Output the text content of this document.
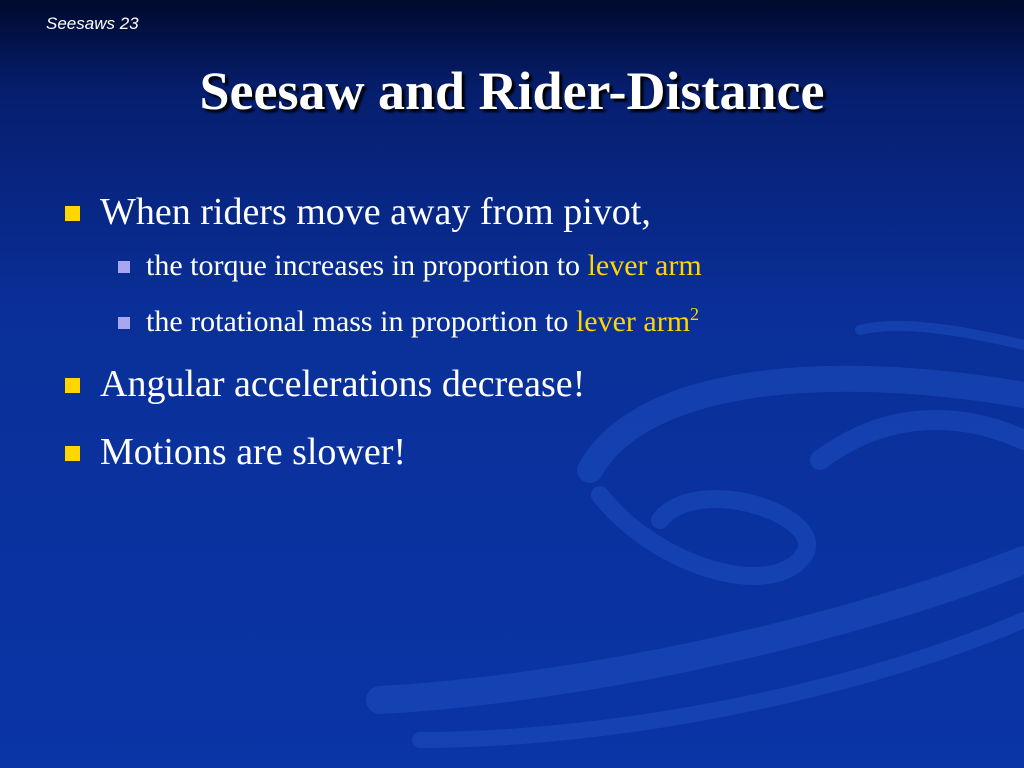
Seesaws 23
Seesaw and Rider-Distance
When riders move away from pivot,
the torque increases in proportion to lever arm
the rotational mass in proportion to lever arm$^2$
Angular accelerations decrease!
Motions are slower!
